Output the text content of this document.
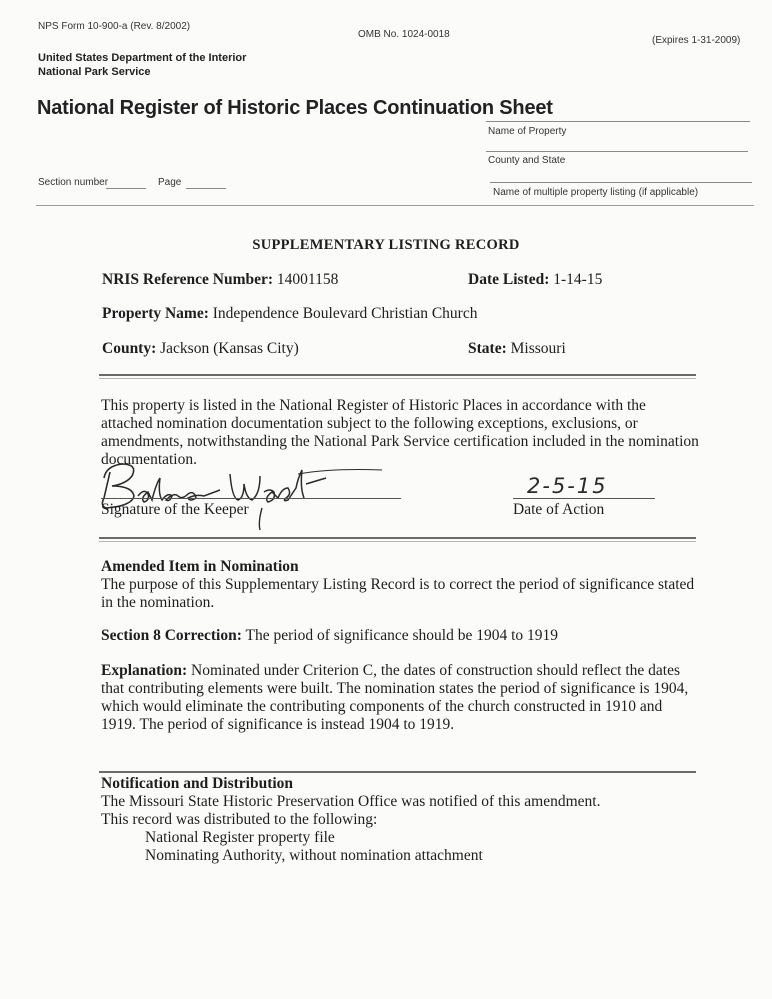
NPS Form 10-900-a (Rev. 8/2002)
OMB No. 1024-0018
(Expires 1-31-2009)
United States Department of the Interior
National Park Service
National Register of Historic Places Continuation Sheet
Name of Property
County and State
Name of multiple property listing (if applicable)
Section number	Page
SUPPLEMENTARY LISTING RECORD
NRIS Reference Number: 14001158	Date Listed: 1-14-15
Property Name: Independence Boulevard Christian Church
County: Jackson (Kansas City)	State: Missouri

This property is listed in the National Register of Historic Places in accordance with the attached nomination documentation subject to the following exceptions, exclusions, or amendments, notwithstanding the National Park Service certification included in the nomination documentation.

Signature of the Keeper
2-5-15
Date of Action
Amended Item in Nomination

The purpose of this Supplementary Listing Record is to correct the period of significance stated in the nomination.

Section 8 Correction: The period of significance should be 1904 to 1919

Explanation: Nominated under Criterion C, the dates of construction should reflect the dates that contributing elements were built. The nomination states the period of significance is 1904, which would eliminate the contributing components of the church constructed in 1910 and 1919. The period of significance is instead 1904 to 1919.

Notification and Distribution
The Missouri State Historic Preservation Office was notified of this amendment.
This record was distributed to the following:
National Register property file
Nominating Authority, without nomination attachment
